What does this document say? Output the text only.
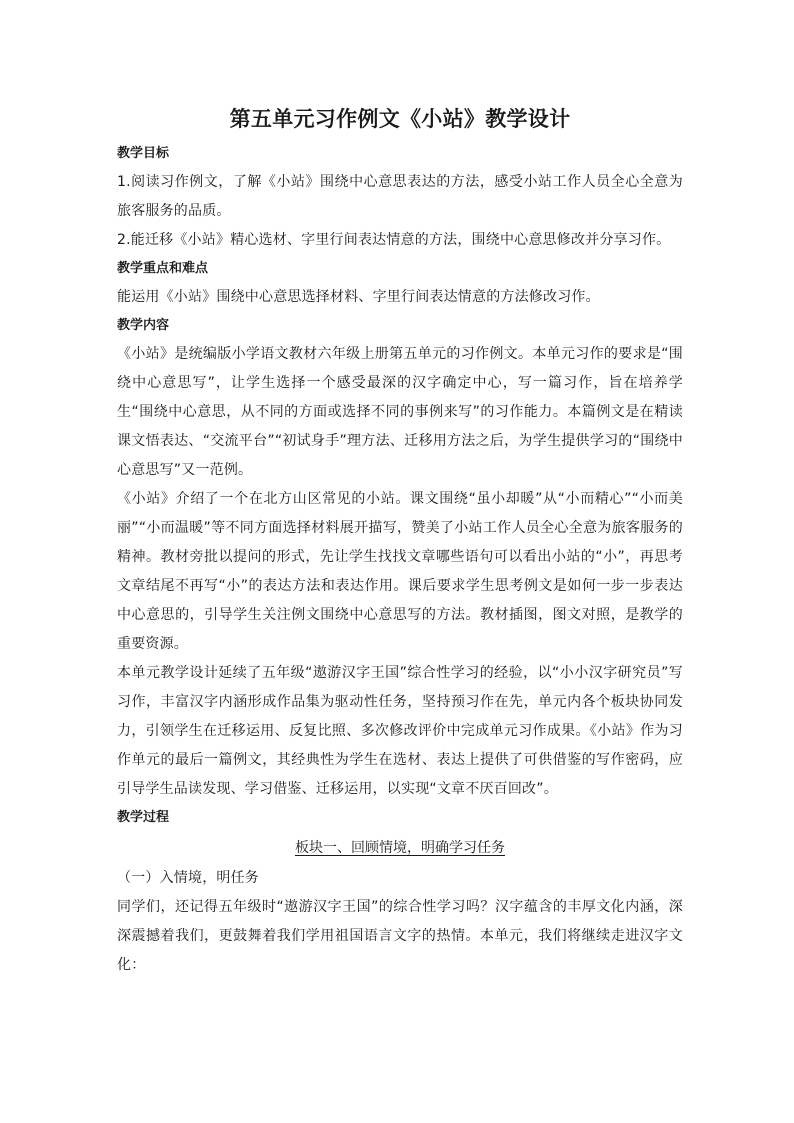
第五单元习作例文《小站》教学设计
教学目标

1.阅读习作例文，了解《小站》围绕中心意思表达的方法，感受小站工作人员全心全意为旅客服务的品质。

2.能迁移《小站》精心选材、字里行间表达情意的方法，围绕中心意思修改并分享习作。

教学重点和难点

能运用《小站》围绕中心意思选择材料、字里行间表达情意的方法修改习作。

教学内容

《小站》是统编版小学语文教材六年级上册第五单元的习作例文。本单元习作的要求是“围绕中心意思写”，让学生选择一个感受最深的汉字确定中心，写一篇习作，旨在培养学生“围绕中心意思，从不同的方面或选择不同的事例来写”的习作能力。本篇例文是在精读课文悟表达、“交流平台”“初试身手”理方法、迁移用方法之后，为学生提供学习的“围绕中心意思写”又一范例。

《小站》介绍了一个在北方山区常见的小站。课文围绕“虽小却暖”从“小而精心”“小而美丽”“小而温暖”等不同方面选择材料展开描写，赞美了小站工作人员全心全意为旅客服务的精神。教材旁批以提问的形式，先让学生找找文章哪些语句可以看出小站的“小”，再思考文章结尾不再写“小”的表达方法和表达作用。课后要求学生思考例文是如何一步一步表达中心意思的，引导学生关注例文围绕中心意思写的方法。教材插图，图文对照，是教学的重要资源。

本单元教学设计延续了五年级“遨游汉字王国”综合性学习的经验，以“小小汉字研究员”写习作，丰富汉字内涵形成作品集为驱动性任务，坚持预习作在先，单元内各个板块协同发力，引领学生在迁移运用、反复比照、多次修改评价中完成单元习作成果。《小站》作为习作单元的最后一篇例文，其经典性为学生在选材、表达上提供了可供借鉴的写作密码，应引导学生品读发现、学习借鉴、迁移运用，以实现“文章不厌百回改”。

教学过程
板块一、回顾情境，明确学习任务

（一）入情境，明任务

同学们，还记得五年级时“遨游汉字王国”的综合性学习吗？汉字蕴含的丰厚文化内涵，深深震撼着我们，更鼓舞着我们学用祖国语言文字的热情。本单元，我们将继续走进汉字文化：
